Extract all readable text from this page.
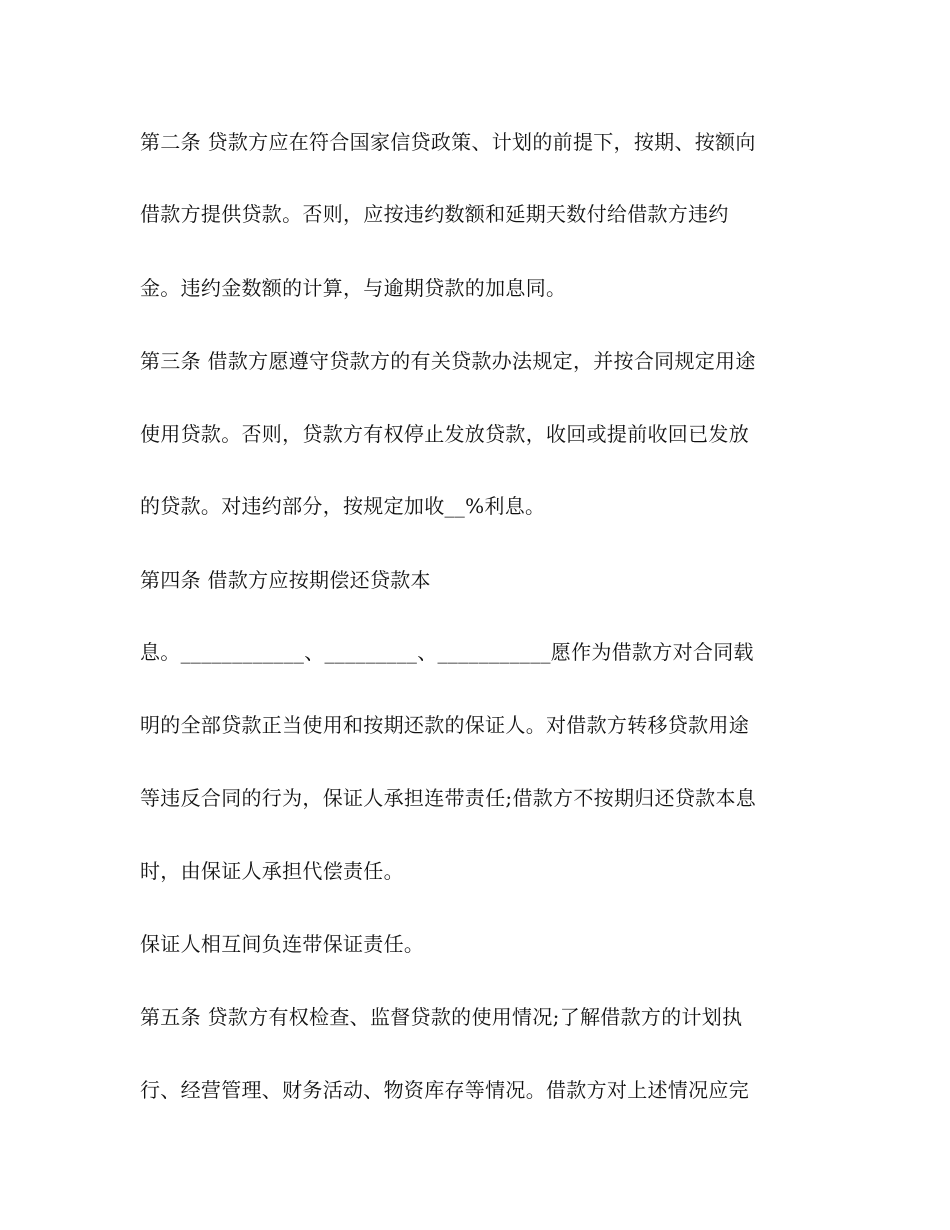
第二条 贷款方应在符合国家信贷政策、计划的前提下，按期、按额向
借款方提供贷款。否则，应按违约数额和延期天数付给借款方违约
金。违约金数额的计算，与逾期贷款的加息同。
第三条 借款方愿遵守贷款方的有关贷款办法规定，并按合同规定用途
使用贷款。否则，贷款方有权停止发放贷款，收回或提前收回已发放
的贷款。对违约部分，按规定加收__%利息。
第四条 借款方应按期偿还贷款本
息。____________、_________、___________愿作为借款方对合同载
明的全部贷款正当使用和按期还款的保证人。对借款方转移贷款用途
等违反合同的行为，保证人承担连带责任;借款方不按期归还贷款本息
时，由保证人承担代偿责任。
保证人相互间负连带保证责任。
第五条 贷款方有权检查、监督贷款的使用情况;了解借款方的计划执
行、经营管理、财务活动、物资库存等情况。借款方对上述情况应完
